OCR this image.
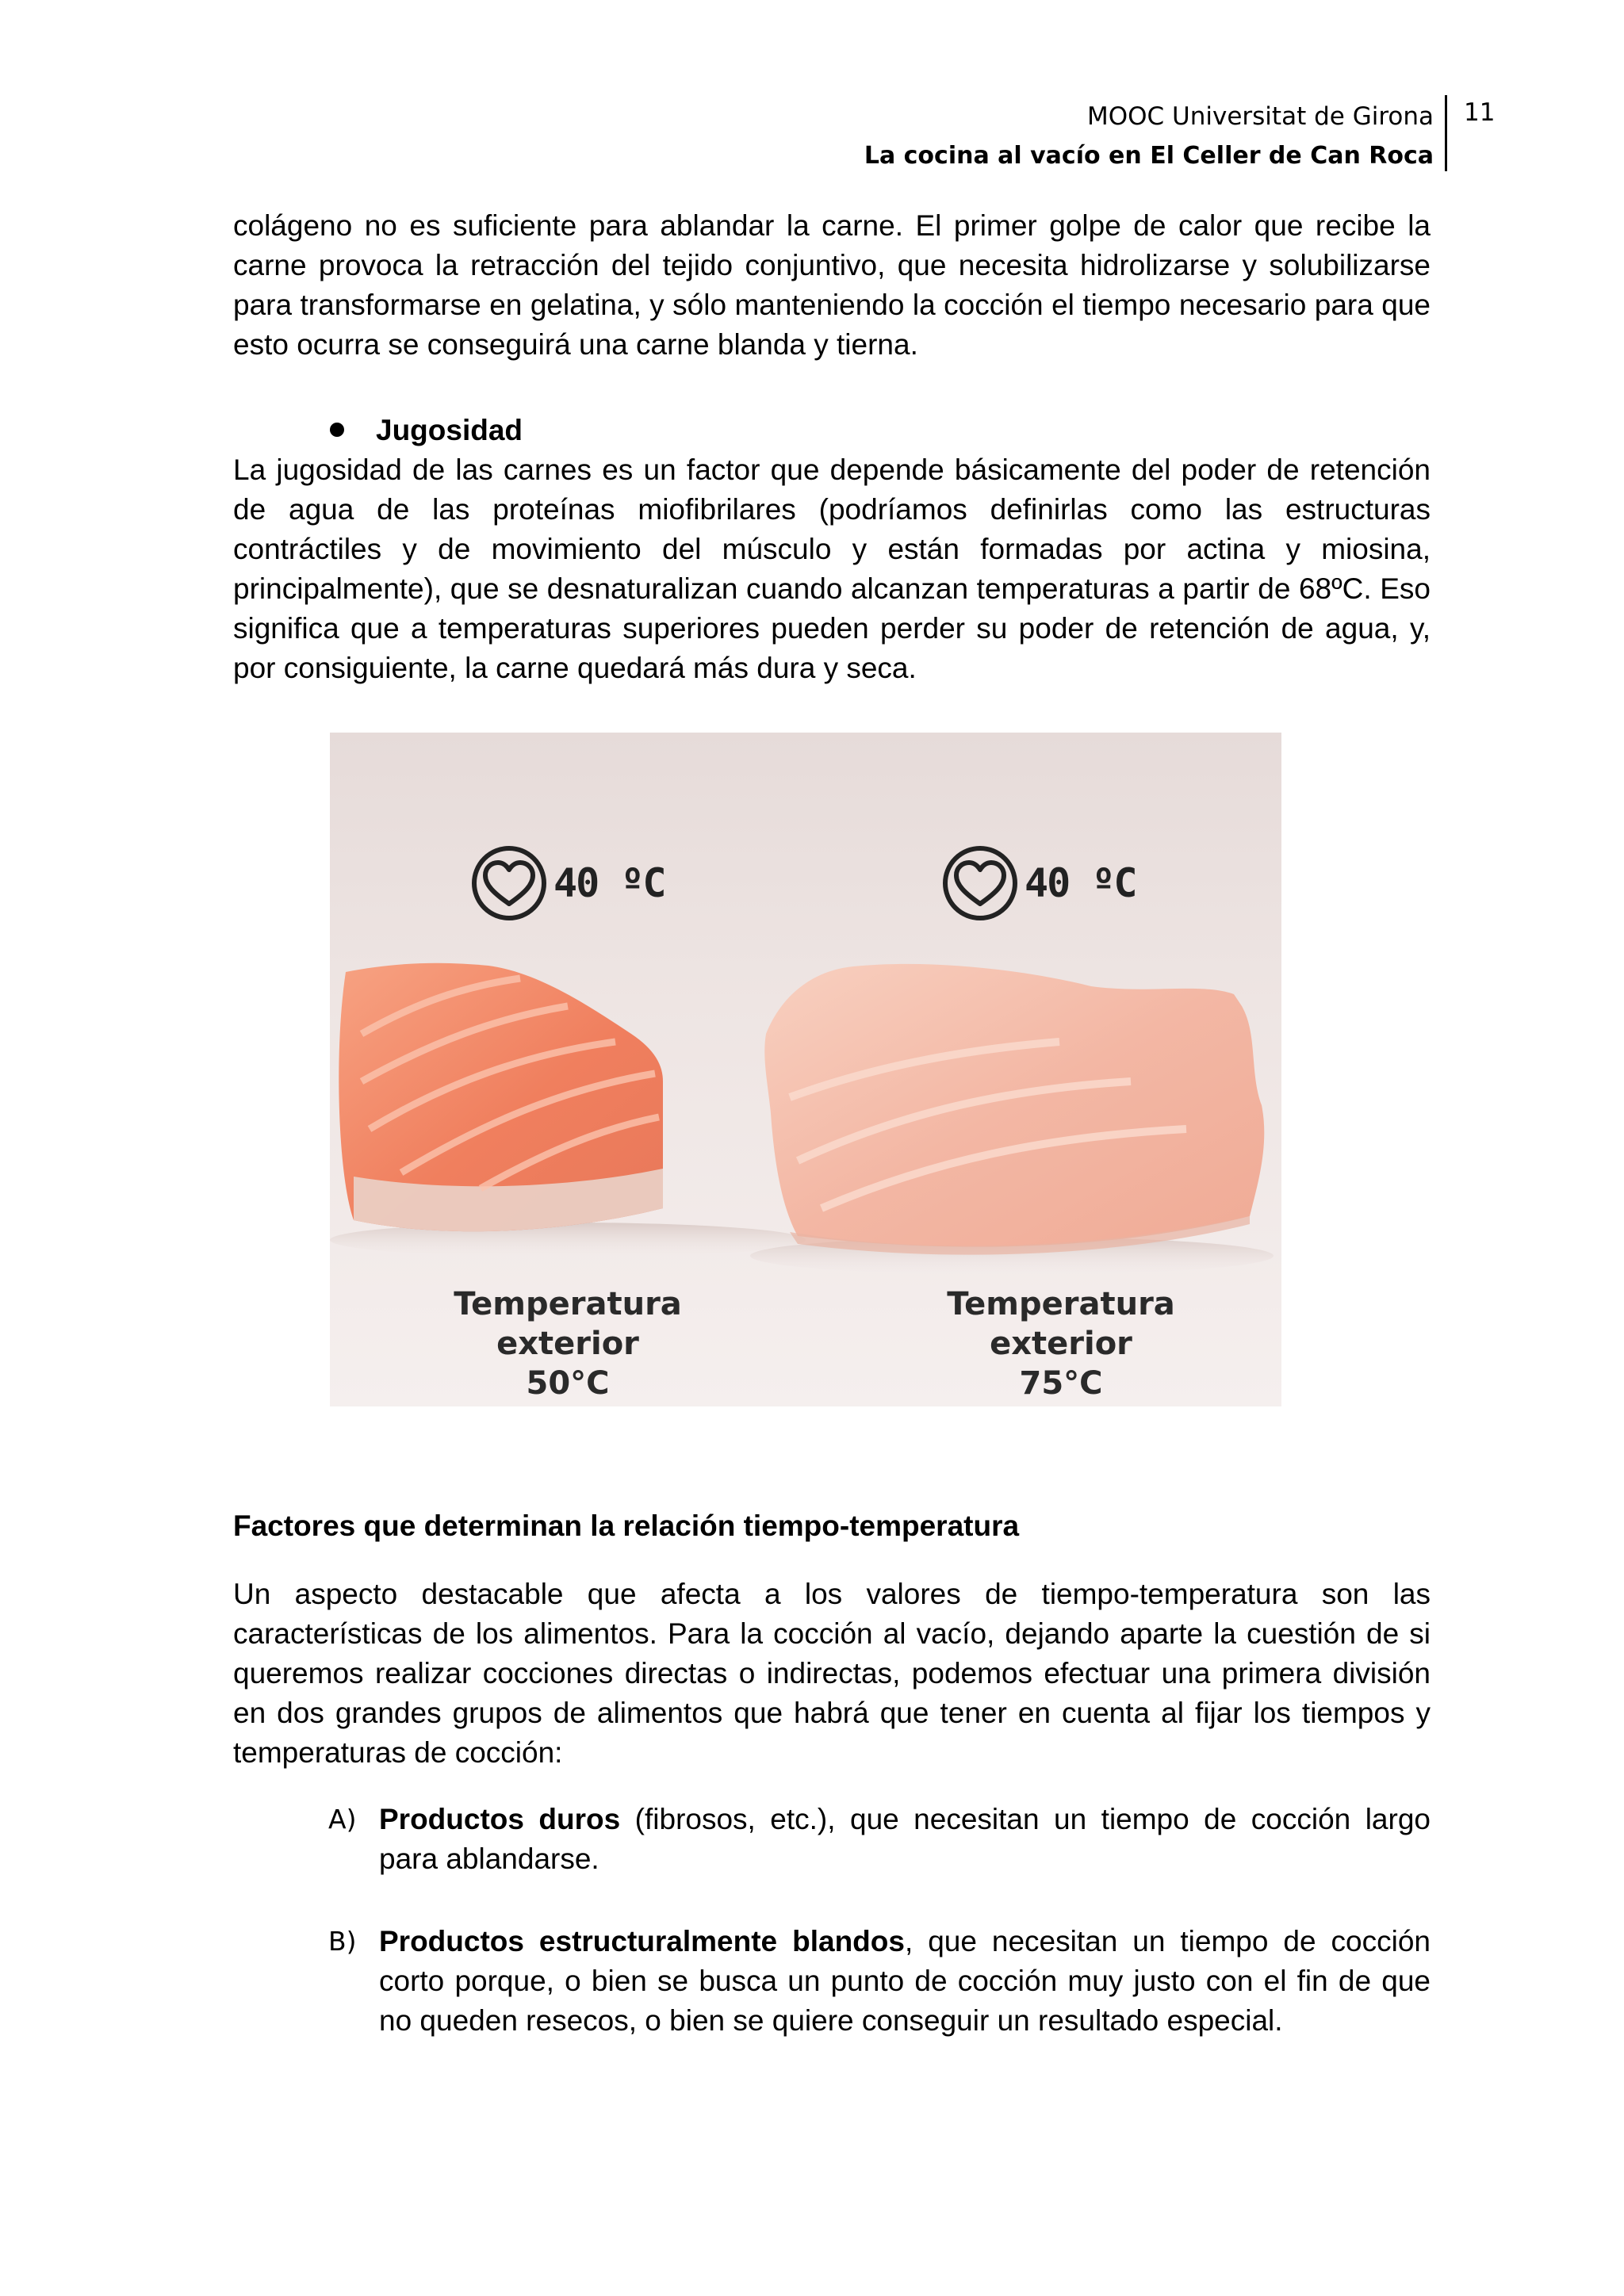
MOOC Universitat de Girona
La cocina al vacío en El Celler de Can Roca
11

colágeno no es suficiente para ablandar la carne. El primer golpe de calor que recibe la carne provoca la retracción del tejido conjuntivo, que necesita hidrolizarse y solubilizarse para transformarse en gelatina, y sólo manteniendo la cocción el tiempo necesario para que esto ocurra se conseguirá una carne blanda y tierna.

Jugosidad

La jugosidad de las carnes es un factor que depende básicamente del poder de retención de agua de las proteínas miofibrilares (podríamos definirlas como las estructuras contráctiles y de movimiento del músculo y están formadas por actina y miosina, principalmente), que se desnaturalizan cuando alcanzan temperaturas a partir de 68ºC. Eso significa que a temperaturas superiores pueden perder su poder de retención de agua, y, por consiguiente, la carne quedará más dura y seca.

40 ºC	40 ºC
Temperatura exterior
50°C
Temperatura exterior
75°C
Factores que determinan la relación tiempo-temperatura

Un aspecto destacable que afecta a los valores de tiempo-temperatura son las características de los alimentos. Para la cocción al vacío, dejando aparte la cuestión de si queremos realizar cocciones directas o indirectas, podemos efectuar una primera división en dos grandes grupos de alimentos que habrá que tener en cuenta al fijar los tiempos y temperaturas de cocción:

A) Productos duros (fibrosos, etc.), que necesitan un tiempo de cocción largo para ablandarse.
B) Productos estructuralmente blandos, que necesitan un tiempo de cocción corto porque, o bien se busca un punto de cocción muy justo con el fin de que no queden resecos, o bien se quiere conseguir un resultado especial.
